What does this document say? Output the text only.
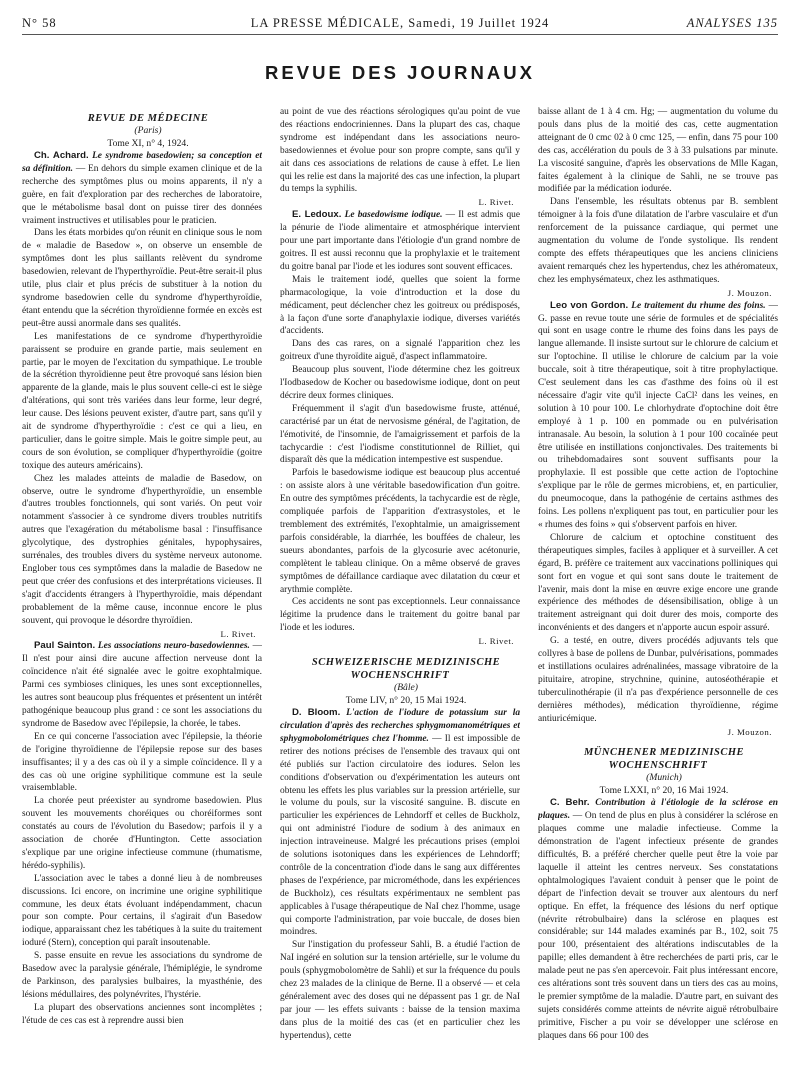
N° 58	LA PRESSE MÉDICALE, Samedi, 19 Juillet 1924	ANALYSES 135
REVUE DES JOURNAUX

REVUE DE MÉDECINE

(Paris)

Tome XI, n° 4, 1924.

Ch. Achard. Le syndrome basedowien; sa conception et sa définition. — En dehors du simple examen clinique et de la recherche des symptômes plus ou moins apparents, il n'y a guère, en fait d'exploration par des recherches de laboratoire, que le métabolisme basal dont on puisse tirer des données vraiment instructives et utilisables pour le praticien.

Dans les états morbides qu'on réunit en clinique sous le nom de « maladie de Basedow », on observe un ensemble de symptômes dont les plus saillants relèvent du syndrome basedowien, relevant de l'hyperthyroïdie. Peut-être serait-il plus utile, plus clair et plus précis de substituer à la notion du syndrome basedowien celle du syndrome d'hyperthyroïdie, étant entendu que la sécrétion thyroïdienne formée en excès est peut-être aussi anormale dans ses qualités.

Les manifestations de ce syndrome d'hyperthyroïdie paraissent se produire en grande partie, mais seulement en partie, par le moyen de l'excitation du sympathique. Le trouble de la sécrétion thyroïdienne peut être provoqué sans lésion bien apparente de la glande, mais le plus souvent celle-ci est le siège d'altérations, qui sont très variées dans leur forme, leur degré, leur cause. Des lésions peuvent exister, d'autre part, sans qu'il y ait de syndrome d'hyperthyroïdie : c'est ce qui a lieu, en particulier, dans le goitre simple. Mais le goitre simple peut, au cours de son évolution, se compliquer d'hyperthyroïdie (goitre toxique des auteurs américains).

Chez les malades atteints de maladie de Basedow, on observe, outre le syndrome d'hyperthyroïdie, un ensemble d'autres troubles fonctionnels, qui sont variés. On peut voir notamment s'associer à ce syndrome divers troubles nutritifs autres que l'exagération du métabolisme basal : l'insuffisance glycolytique, des dystrophies génitales, hypophysaires, surrénales, des troubles divers du système nerveux autonome. Englober tous ces symptômes dans la maladie de Basedow ne peut que créer des confusions et des interprétations vicieuses. Il s'agit d'accidents étrangers à l'hyperthyroïdie, mais dépendant probablement de la même cause, inconnue encore le plus souvent, qui provoque le désordre thyroïdien.

L. Rivet.

Paul Sainton. Les associations neuro-basedowiennes. — Il n'est pour ainsi dire aucune affection nerveuse dont la coïncidence n'ait été signalée avec le goitre exophtalmique. Parmi ces symbioses cliniques, les unes sont exceptionnelles, les autres sont beaucoup plus fréquentes et présentent un intérêt pathogénique beaucoup plus grand : ce sont les associations du syndrome de Basedow avec l'épilepsie, la chorée, le tabes.

En ce qui concerne l'association avec l'épilepsie, la théorie de l'origine thyroïdienne de l'épilepsie repose sur des bases insuffisantes; il y a des cas où il y a simple coïncidence. Il y a des cas où une origine syphilitique commune est la seule vraisemblable.

La chorée peut préexister au syndrome basedowien. Plus souvent les mouvements choréiques ou choréiformes sont constatés au cours de l'évolution du Basedow; parfois il y a association de chorée d'Huntington. Cette association s'explique par une origine infectieuse commune (rhumatisme, hérédo-syphilis).

L'association avec le tabes a donné lieu à de nombreuses discussions. Ici encore, on incrimine une origine syphilitique commune, les deux états évoluant indépendamment, chacun pour son compte. Pour certains, il s'agirait d'un Basedow iodique, apparaissant chez les tabétiques à la suite du traitement ioduré (Stern), conception qui paraît insoutenable.

S. passe ensuite en revue les associations du syndrome de Basedow avec la paralysie générale, l'hémiplégie, le syndrome de Parkinson, des paralysies bulbaires, la myasthénie, des lésions médullaires, des polynévrites, l'hystérie.

La plupart des observations anciennes sont incomplètes ; l'étude de ces cas est à reprendre aussi bien

au point de vue des réactions sérologiques qu'au point de vue des réactions endocriniennes. Dans la plupart des cas, chaque syndrome est indépendant dans les associations neuro-basedowiennes et évolue pour son propre compte, sans qu'il y ait dans ces associations de relations de cause à effet. Le lien qui les relie est dans la majorité des cas une infection, la plupart du temps la syphilis.

L. Rivet.

E. Ledoux. Le basedowisme iodique. — Il est admis que la pénurie de l'iode alimentaire et atmosphérique intervient pour une part importante dans l'étiologie d'un grand nombre de goitres. Il est aussi reconnu que la prophylaxie et le traitement du goitre banal par l'iode et les iodures sont souvent efficaces.

Mais le traitement iodé, quelles que soient la forme pharmacologique, la voie d'introduction et la dose du médicament, peut déclencher chez les goitreux ou prédisposés, à la façon d'une sorte d'anaphylaxie iodique, diverses variétés d'accidents.

Dans des cas rares, on a signalé l'apparition chez les goitreux d'une thyroïdite aiguë, d'aspect inflammatoire.

Beaucoup plus souvent, l'iode détermine chez les goitreux l'Iodbasedow de Kocher ou basedowisme iodique, dont on peut décrire deux formes cliniques.

Fréquemment il s'agit d'un basedowisme fruste, atténué, caractérisé par un état de nervosisme général, de l'agitation, de l'émotivité, de l'insomnie, de l'amaigrissement et parfois de la tachycardie : c'est l'iodisme constitutionnel de Rilliet, qui disparaît dès que la médication intempestive est suspendue.

Parfois le basedowisme iodique est beaucoup plus accentué : on assiste alors à une véritable basedowification d'un goitre. En outre des symptômes précédents, la tachycardie est de règle, compliquée parfois de l'apparition d'extrasystoles, et le tremblement des extrémités, l'exophtalmie, un amaigrissement parfois considérable, la diarrhée, les bouffées de chaleur, les sueurs abondantes, parfois de la glycosurie avec acétonurie, complètent le tableau clinique. On a même observé de graves symptômes de défaillance cardiaque avec dilatation du cœur et arythmie complète.

Ces accidents ne sont pas exceptionnels. Leur connaissance légitime la prudence dans le traitement du goitre banal par l'iode et les iodures.

L. Rivet.

SCHWEIZERISCHE MEDIZINISCHE WOCHENSCHRIFT

(Bâle)

Tome LIV, n° 20, 15 Mai 1924.

D. Bloom. L'action de l'iodure de potassium sur la circulation d'après des recherches sphygmomanométriques et sphygmobolométriques chez l'homme. — Il est impossible de retirer des notions précises de l'ensemble des travaux qui ont été publiés sur l'action circulatoire des iodures. Selon les conditions d'observation ou d'expérimentation les auteurs ont obtenu les effets les plus variables sur la pression artérielle, sur le volume du pouls, sur la viscosité sanguine. B. discute en particulier les expériences de Lehndorff et celles de Buckholz, qui ont administré l'iodure de sodium à des animaux en injection intraveineuse. Malgré les précautions prises (emploi de solutions isotoniques dans les expériences de Lehndorff; contrôle de la concentration d'iode dans le sang aux différentes phases de l'expérience, par microméthode, dans les expériences de Buckholz), ces résultats expérimentaux ne semblent pas applicables à l'usage thérapeutique de NaI chez l'homme, usage qui comporte l'administration, par voie buccale, de doses bien moindres.

Sur l'instigation du professeur Sahli, B. a étudié l'action de NaI ingéré en solution sur la tension artérielle, sur le volume du pouls (sphygmobolomètre de Sahli) et sur la fréquence du pouls chez 23 malades de la clinique de Berne. Il a observé — et cela généralement avec des doses qui ne dépassent pas 1 gr. de NaI par jour — les effets suivants : baisse de la tension maxima dans plus de la moitié des cas (et en particulier chez les hypertendus), cette

baisse allant de 1 à 4 cm. Hg; — augmentation du volume du pouls dans plus de la moitié des cas, cette augmentation atteignant de 0 cmc 02 à 0 cmc 125, — enfin, dans 75 pour 100 des cas, accélération du pouls de 3 à 33 pulsations par minute. La viscosité sanguine, d'après les observations de Mlle Kagan, faites également à la clinique de Sahli, ne se trouve pas modifiée par la médication iodurée.

Dans l'ensemble, les résultats obtenus par B. semblent témoigner à la fois d'une dilatation de l'arbre vasculaire et d'un renforcement de la puissance cardiaque, qui permet une augmentation du volume de l'onde systolique. Ils rendent compte des effets thérapeutiques que les anciens cliniciens avaient remarqués chez les hypertendus, chez les athéromateux, chez les emphysémateux, chez les asthmatiques.

J. Mouzon.

Leo von Gordon. Le traitement du rhume des foins. — G. passe en revue toute une série de formules et de spécialités qui sont en usage contre le rhume des foins dans les pays de langue allemande. Il insiste surtout sur le chlorure de calcium et sur l'optochine. Il utilise le chlorure de calcium par la voie buccale, soit à titre thérapeutique, soit à titre prophylactique. C'est seulement dans les cas d'asthme des foins où il est nécessaire d'agir vite qu'il injecte CaCl² dans les veines, en solution à 10 pour 100. Le chlorhydrate d'optochine doit être employé à 1 p. 100 en pommade ou en pulvérisation intranasale. Au besoin, la solution à 1 pour 100 cocaïnée peut être utilisée en instillations conjonctivales. Des traitements bi ou trihebdomadaires sont souvent suffisants pour la prophylaxie. Il est possible que cette action de l'optochine s'explique par le rôle de germes microbiens, et, en particulier, du pneumocoque, dans la pathogénie de certains asthmes des foins. Les pollens n'expliquent pas tout, en particulier pour les « rhumes des foins » qui s'observent parfois en hiver.

Chlorure de calcium et optochine constituent des thérapeutiques simples, faciles à appliquer et à surveiller. A cet égard, B. préfère ce traitement aux vaccinations polliniques qui sont fort en vogue et qui sont sans doute le traitement de l'avenir, mais dont la mise en œuvre exige encore une grande expérience des méthodes de désensibilisation, oblige à un traitement astreignant qui doit durer des mois, comporte des inconvénients et des dangers et n'apporte aucun espoir assuré.

G. a testé, en outre, divers procédés adjuvants tels que collyres à base de pollens de Dunbar, pulvérisations, pommades et instillations oculaires adrénalinées, massage vibratoire de la pituitaire, atropine, strychnine, quinine, autoséothérapie et tuberculinothérapie (il n'a pas d'expérience personnelle de ces dernières méthodes), médication thyroïdienne, régime antiuricémique.

J. Mouzon.

MÜNCHENER MEDIZINISCHE WOCHENSCHRIFT

(Munich)

Tome LXXI, n° 20, 16 Mai 1924.

C. Behr. Contribution à l'étiologie de la sclérose en plaques. — On tend de plus en plus à considérer la sclérose en plaques comme une maladie infectieuse. Comme la démonstration de l'agent infectieux présente de grandes difficultés, B. a préféré chercher quelle peut être la voie par laquelle il atteint les centres nerveux. Ses constatations ophtalmologiques l'avaient conduit à penser que le point de départ de l'infection devait se trouver aux alentours du nerf optique. En effet, la fréquence des lésions du nerf optique (névrite rétrobulbaire) dans la sclérose en plaques est considérable; sur 144 malades examinés par B., 102, soit 75 pour 100, présentaient des altérations indiscutables de la papille; elles demandent à être recherchées de parti pris, car le malade peut ne pas s'en apercevoir. Fait plus intéressant encore, ces altérations sont très souvent dans un tiers des cas au moins, le premier symptôme de la maladie. D'autre part, en suivant des sujets considérés comme atteints de névrite aiguë rétrobulbaire primitive, Fischer a pu voir se développer une sclérose en plaques dans 66 pour 100 des
